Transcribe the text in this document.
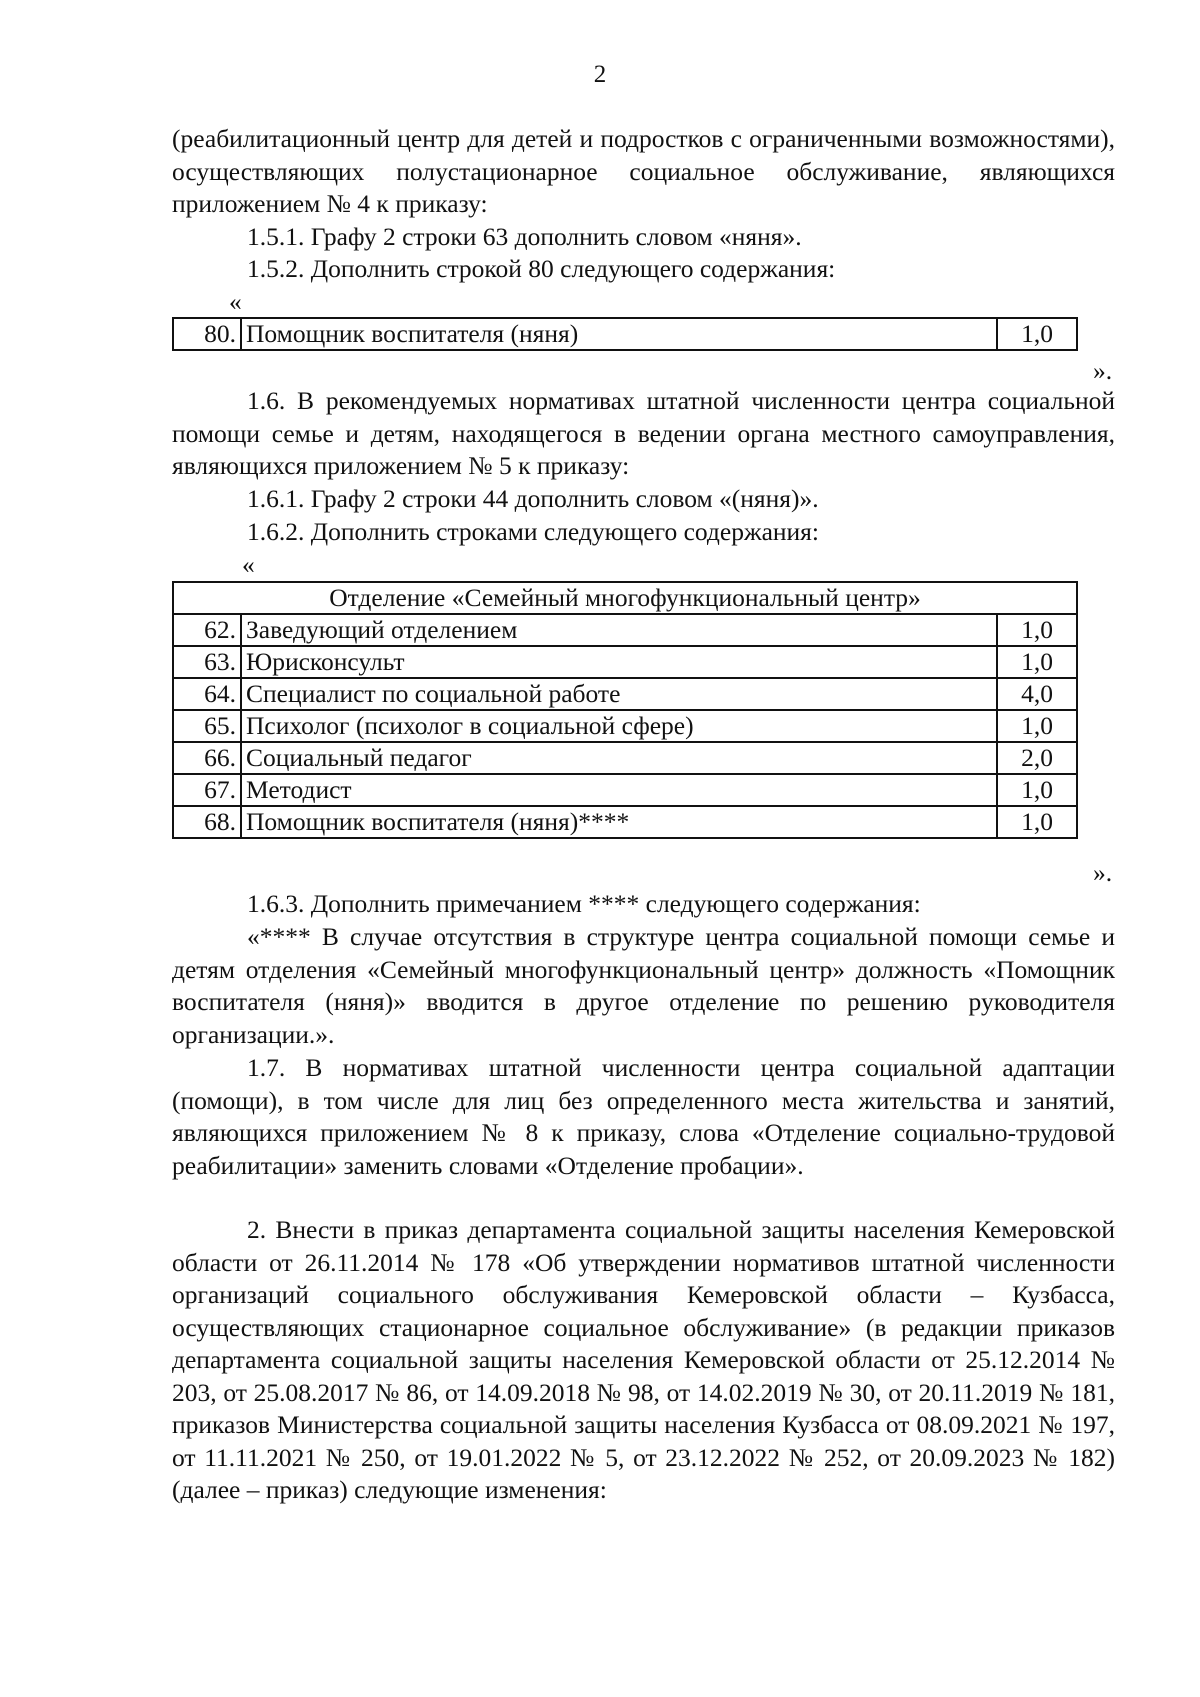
2

(реабилитационный центр для детей и подростков с ограниченными возможностями), осуществляющих полустационарное социальное обслуживание, являющихся приложением № 4 к приказу:

1.5.1. Графу 2 строки 63 дополнить словом «няня».

1.5.2. Дополнить строкой 80 следующего содержания:

«
80.	Помощник воспитателя (няня)	1,0
».

1.6. В рекомендуемых нормативах штатной численности центра социальной помощи семье и детям, находящегося в ведении органа местного самоуправления, являющихся приложением № 5 к приказу:

1.6.1. Графу 2 строки 44 дополнить словом «(няня)».

1.6.2. Дополнить строками следующего содержания:

«
Отделение «Семейный многофункциональный центр»		
62.	Заведующий отделением	1,0
63.	Юрисконсульт	1,0
64.	Специалист по социальной работе	4,0
65.	Психолог (психолог в социальной сфере)	1,0
66.	Социальный педагог	2,0
67.	Методист	1,0
68.	Помощник воспитателя (няня)****	1,0
».

1.6.3. Дополнить примечанием **** следующего содержания:

«**** В случае отсутствия в структуре центра социальной помощи семье и детям отделения «Семейный многофункциональный центр» должность «Помощник воспитателя (няня)» вводится в другое отделение по решению руководителя организации.».

1.7. В нормативах штатной численности центра социальной адаптации (помощи), в том числе для лиц без определенного места жительства и занятий, являющихся приложением № 8 к приказу, слова «Отделение социально-трудовой реабилитации» заменить словами «Отделение пробации».

2. Внести в приказ департамента социальной защиты населения Кемеровской области от 26.11.2014 № 178 «Об утверждении нормативов штатной численности организаций социального обслуживания Кемеровской области – Кузбасса, осуществляющих стационарное социальное обслуживание» (в редакции приказов департамента социальной защиты населения Кемеровской области от 25.12.2014 № 203, от 25.08.2017 № 86, от 14.09.2018 № 98, от 14.02.2019 № 30, от 20.11.2019 № 181, приказов Министерства социальной защиты населения Кузбасса от 08.09.2021 № 197, от 11.11.2021 № 250, от 19.01.2022 № 5, от 23.12.2022 № 252, от 20.09.2023 № 182) (далее – приказ) следующие изменения:
